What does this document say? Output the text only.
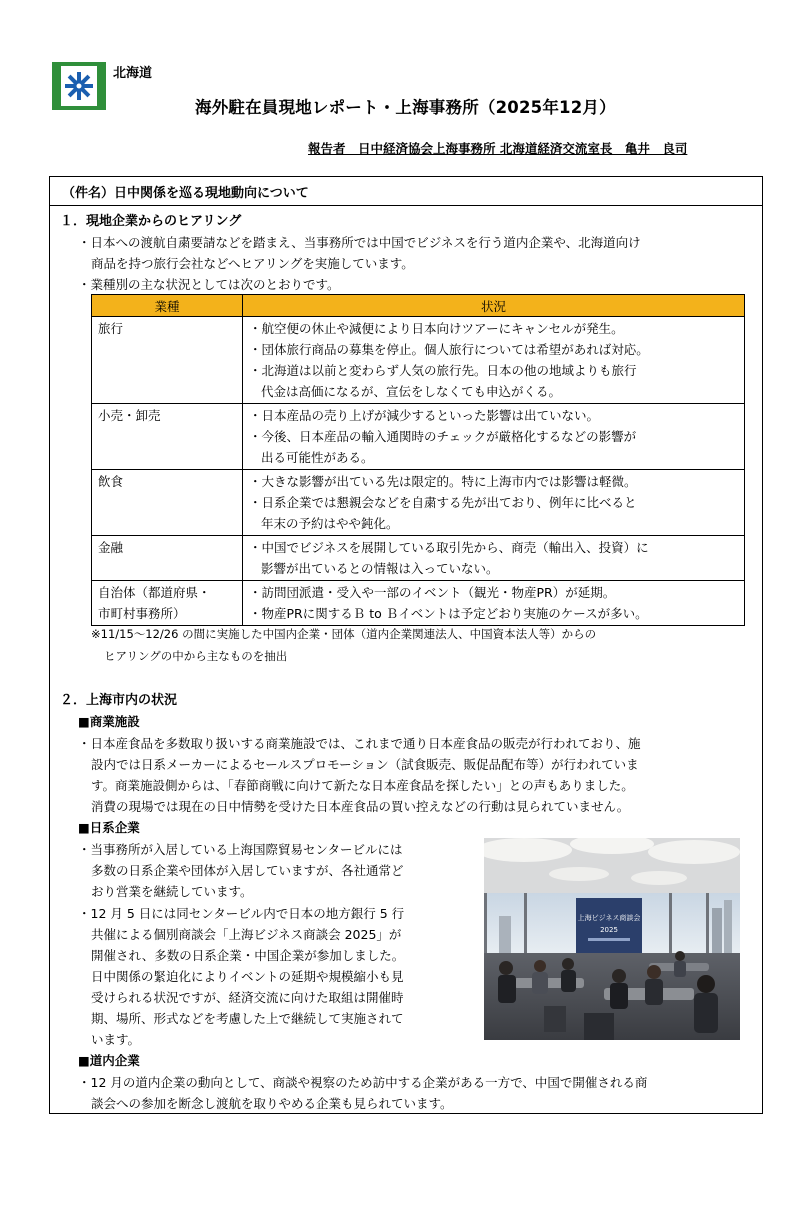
北海道
海外駐在員現地レポート・上海事務所（2025年12月）
報告者　日中経済協会上海事務所 北海道経済交流室長　亀井　良司
（件名）日中関係を巡る現地動向について
１．現地企業からのヒアリング
・日本への渡航自粛要請などを踏まえ、当事務所では中国でビジネスを行う道内企業や、北海道向け
商品を持つ旅行会社などへヒアリングを実施しています。
・業種別の主な状況としては次のとおりです。
業種	状況

旅行	・航空便の休止や減便により日本向けツアーにキャンセルが発生。
・団体旅行商品の募集を停止。個人旅行については希望があれば対応。
・北海道は以前と変わらず人気の旅行先。日本の他の地域よりも旅行
代金は高価になるが、宣伝をしなくても申込がくる。

小売・卸売	・日本産品の売り上げが減少するといった影響は出ていない。
・今後、日本産品の輸入通関時のチェックが厳格化するなどの影響が
出る可能性がある。

飲食	・大きな影響が出ている先は限定的。特に上海市内では影響は軽微。
・日系企業では懇親会などを自粛する先が出ており、例年に比べると
年末の予約はやや鈍化。

金融	・中国でビジネスを展開している取引先から、商売（輸出入、投資）に
影響が出ているとの情報は入っていない。

自治体（都道府県・
市町村事務所）	・訪問団派遣・受入や一部のイベント（観光・物産PR）が延期。
・物産PRに関するＢ to Ｂイベントは予定どおり実施のケースが多い。
※11/15～12/26 の間に実施した中国内企業・団体（道内企業関連法人、中国資本法人等）からの
ヒアリングの中から主なものを抽出
２．上海市内の状況
■商業施設
・日本産食品を多数取り扱いする商業施設では、これまで通り日本産食品の販売が行われており、施
設内では日系メーカーによるセールスプロモーション（試食販売、販促品配布等）が行われていま
す。商業施設側からは、「春節商戦に向けて新たな日本産食品を探したい」との声もありました。
消費の現場では現在の日中情勢を受けた日本産食品の買い控えなどの行動は見られていません。
■日系企業
・当事務所が入居している上海国際貿易センタービルには
多数の日系企業や団体が入居していますが、各社通常ど
おり営業を継続しています。
・12 月 5 日には同センタービル内で日本の地方銀行 5 行
共催による個別商談会「上海ビジネス商談会 2025」が
開催され、多数の日系企業・中国企業が参加しました。
日中関係の緊迫化によりイベントの延期や規模縮小も見
受けられる状況ですが、経済交流に向けた取組は開催時
期、場所、形式などを考慮した上で継続して実施されて
います。
■道内企業
・12 月の道内企業の動向として、商談や視察のため訪中する企業がある一方で、中国で開催される商
談会への参加を断念し渡航を取りやめる企業も見られています。
上海ビジネス商談会
2025
